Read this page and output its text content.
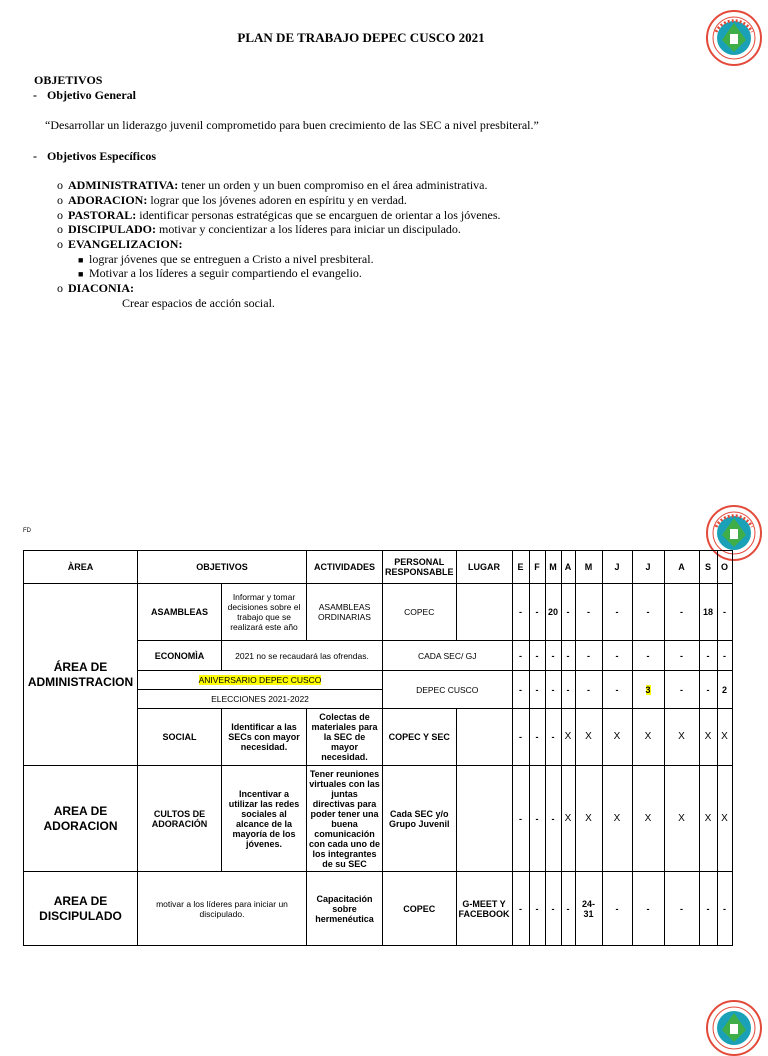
PLAN DE TRABAJO DEPEC CUSCO 2021
OBJETIVOS
- Objetivo General
“Desarrollar un liderazgo juvenil comprometido para buen crecimiento de las SEC a nivel presbiteral.”
- Objetivos Específicos
o ADMINISTRATIVA: tener un orden y un buen compromiso en el área administrativa.
o ADORACION: lograr que los jóvenes adoren en espíritu y en verdad.
o PASTORAL: identificar personas estratégicas que se encarguen de orientar a los jóvenes.
o DISCIPULADO: motivar y concientizar a los líderes para iniciar un discipulado.
o EVANGELIZACION:
■ lograr jóvenes que se entreguen a Cristo a nivel presbiteral.
■ Motivar a los líderes a seguir compartiendo el evangelio.
o DIACONIA:
Crear espacios de acción social.
FD
ÀREA	OBJETIVOS		ACTIVIDADES	PERSONAL RESPONSABLE	LUGAR	E	F	M	A	M	J	J	A	S	O
ÁREA DE ADMINISTRACION	ASAMBLEAS	Informar y tomar decisiones sobre el trabajo que se realizará este año	ASAMBLEAS ORDINARIAS	COPEC		-	-	20	-	-	-	-	-	18	-
	ECONOMÌA	2021 no se recaudará las ofrendas.		CADA SEC/ GJ		-	-	-	-	-	-	-	-	-	-
	ANIVERSARIO DEPEC CUSCO			DEPEC CUSCO		-	-	-	-	-	-	3	-	-	2
	ELECCIONES 2021-2022														
	SOCIAL	Identificar a las SECs con mayor necesidad.	Colectas de materiales para la SEC de mayor necesidad.	COPEC Y SEC		-	-	-	X	X	X	X	X	X	X
AREA DE ADORACION	CULTOS DE ADORACIÓN	Incentivar a utilizar las redes sociales al alcance de la mayoría de los jóvenes.	Tener reuniones virtuales con las juntas directivas para poder tener una buena comunicación con cada uno de los integrantes de su SEC	Cada SEC y/o Grupo Juvenil		-	-	-	X	X	X	X	X	X	X
AREA DE DISCIPULADO	motivar a los líderes para iniciar un discipulado.		Capacitación sobre hermenéutica	COPEC	G-MEET Y FACEBOOK	-	-	-	-	24-31	-	-	-	-	-
